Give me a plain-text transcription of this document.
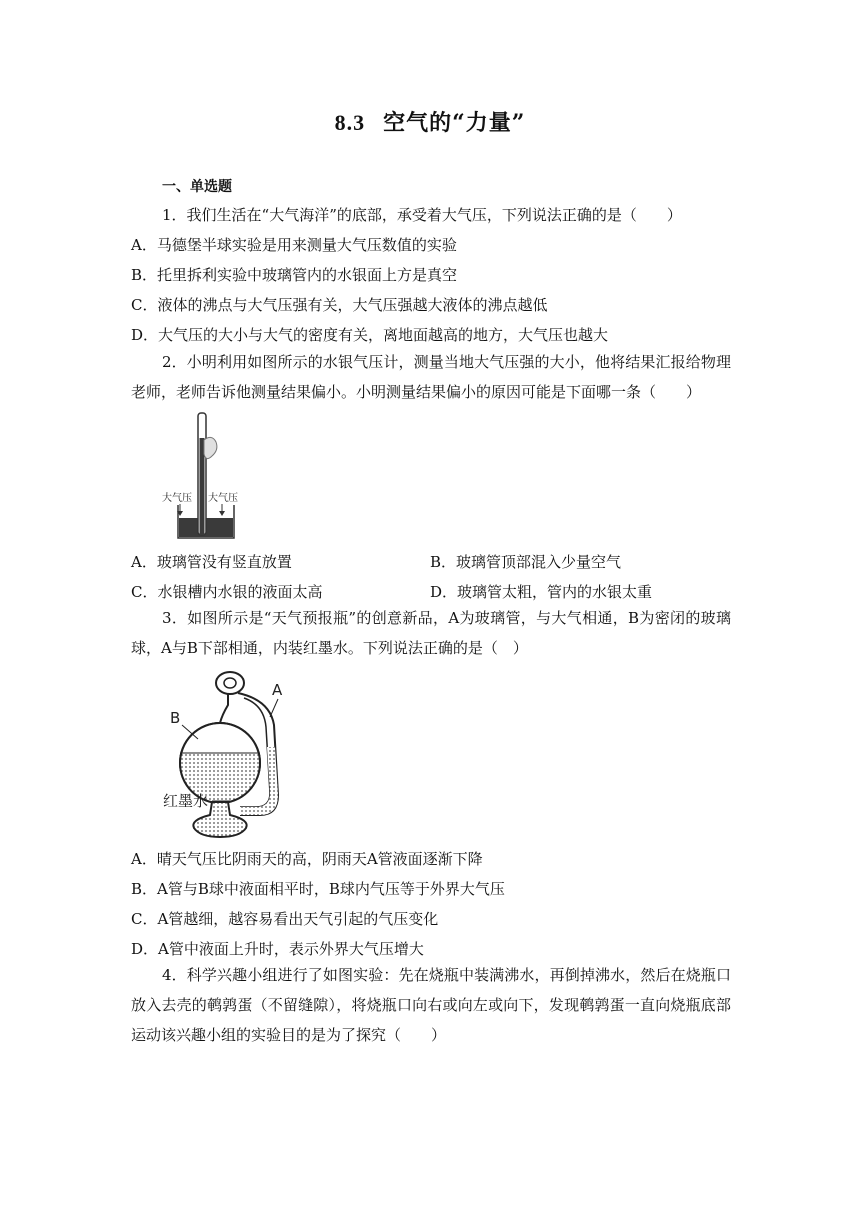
8.3 空气的“力量”
一、单选题
1．我们生活在“大气海洋”的底部，承受着大气压，下列说法正确的是（　　）
A．马德堡半球实验是用来测量大气压数值的实验
B．托里拆利实验中玻璃管内的水银面上方是真空
C．液体的沸点与大气压强有关，大气压强越大液体的沸点越低
D．大气压的大小与大气的密度有关，离地面越高的地方，大气压也越大
2．小明利用如图所示的水银气压计，测量当地大气压强的大小，他将结果汇报给物理老师，老师告诉他测量结果偏小。小明测量结果偏小的原因可能是下面哪一条（　　）
大气压 大气压
A．玻璃管没有竖直放置	B．玻璃管顶部混入少量空气
C．水银槽内水银的液面太高	D．玻璃管太粗，管内的水银太重
3．如图所示是“天气预报瓶”的创意新品，A为玻璃管，与大气相通，B为密闭的玻璃球，A与B下部相通，内装红墨水。下列说法正确的是（　）
A
B
红墨水
A．晴天气压比阴雨天的高，阴雨天A管液面逐渐下降
B．A管与B球中液面相平时，B球内气压等于外界大气压
C．A管越细，越容易看出天气引起的气压变化
D．A管中液面上升时，表示外界大气压增大
4．科学兴趣小组进行了如图实验：先在烧瓶中装满沸水，再倒掉沸水，然后在烧瓶口放入去壳的鹌鹑蛋（不留缝隙），将烧瓶口向右或向左或向下，发现鹌鹑蛋一直向烧瓶底部运动该兴趣小组的实验目的是为了探究（　　）
